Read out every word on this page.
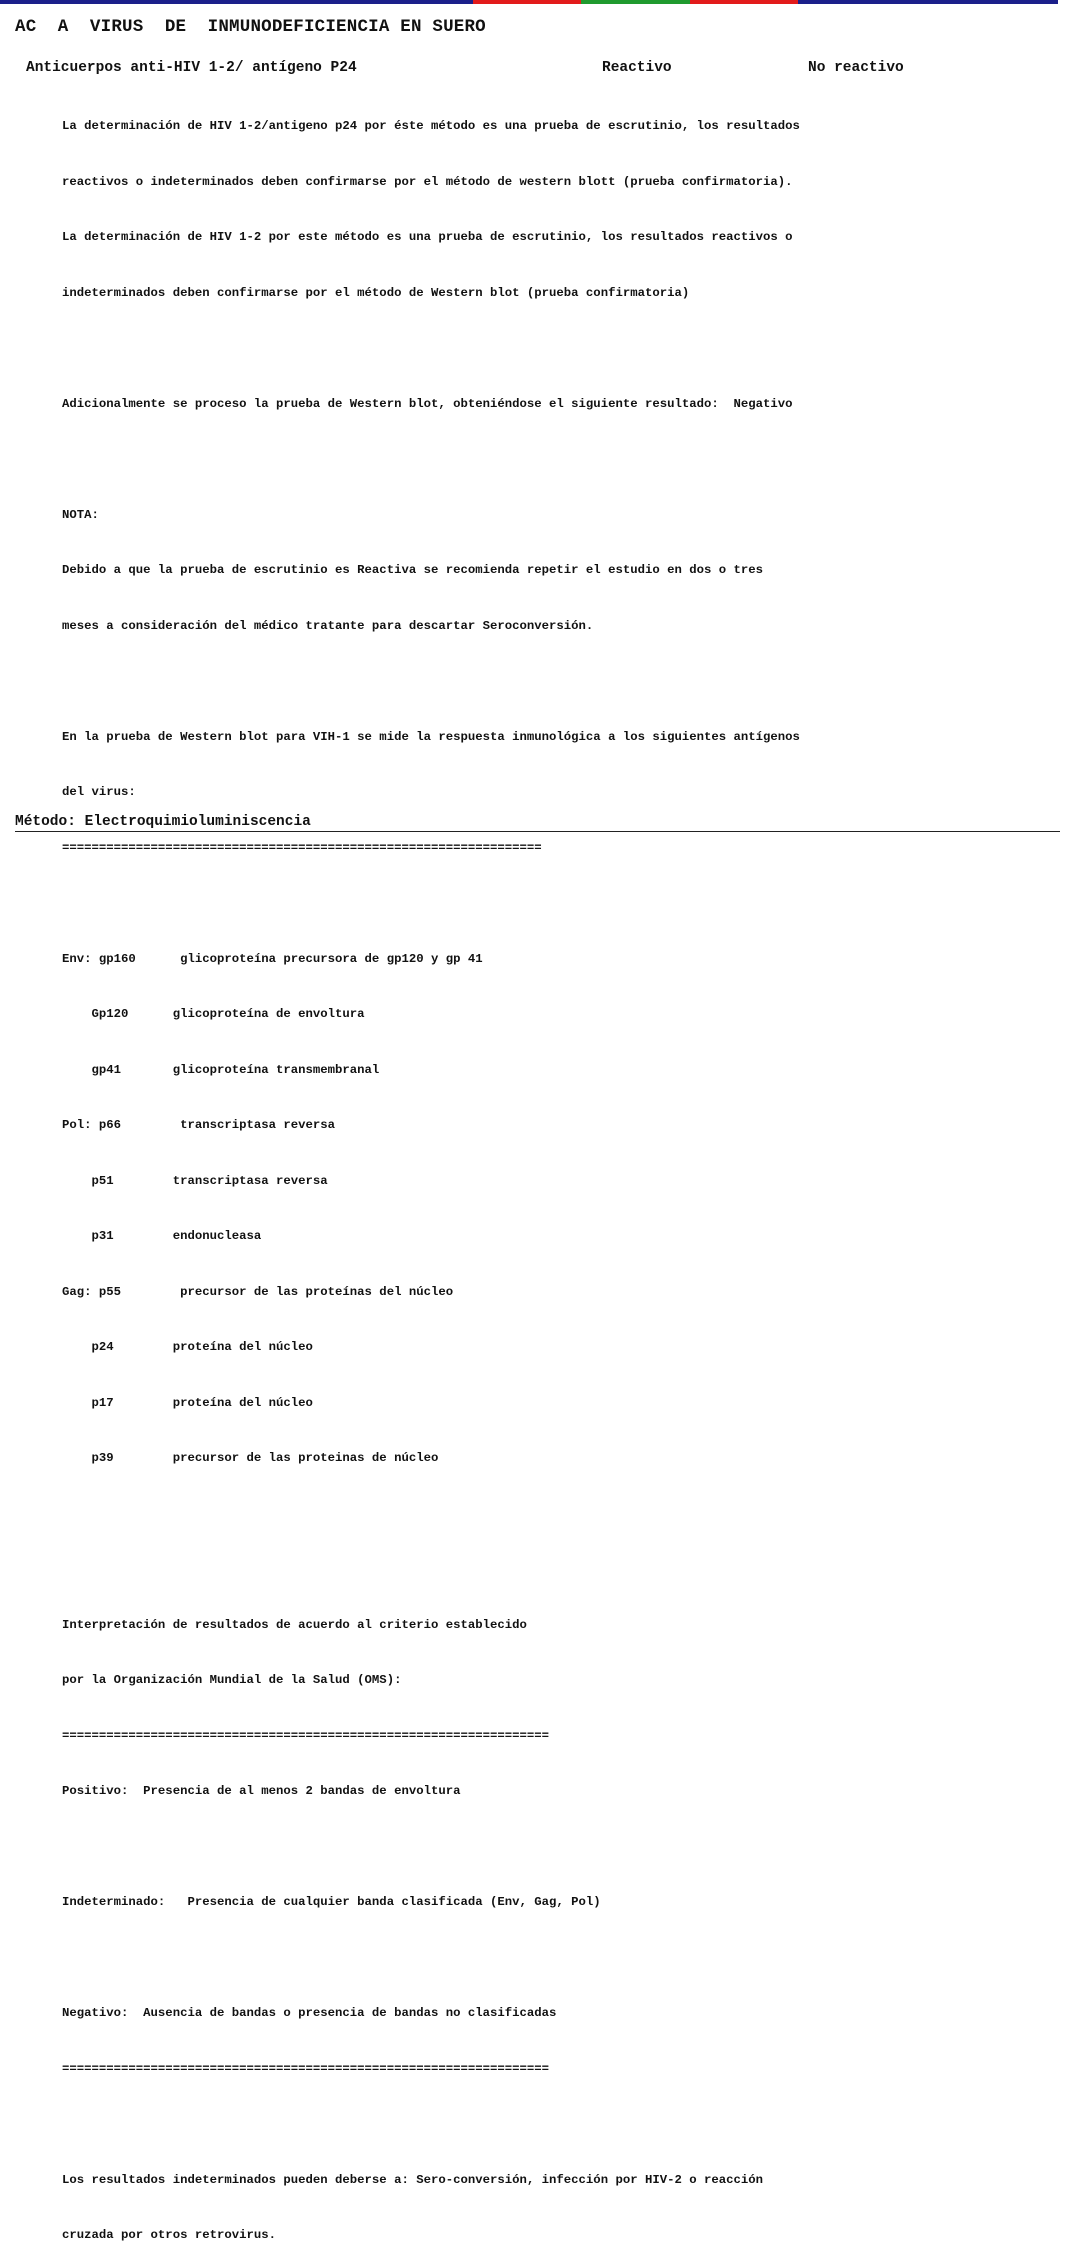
AC  A  VIRUS  DE  INMUNODEFICIENCIA EN SUERO
Anticuerpos anti-HIV 1-2/ antígeno P24	Reactivo	No reactivo

La determinación de HIV 1-2/antigeno p24 por éste método es una prueba de escrutinio, los resultados

reactivos o indeterminados deben confirmarse por el método de western blott (prueba confirmatoria).

La determinación de HIV 1-2 por este método es una prueba de escrutinio, los resultados reactivos o

indeterminados deben confirmarse por el método de Western blot (prueba confirmatoria)

Adicionalmente se proceso la prueba de Western blot, obteniéndose el siguiente resultado:  Negativo

NOTA:

Debido a que la prueba de escrutinio es Reactiva se recomienda repetir el estudio en dos o tres

meses a consideración del médico tratante para descartar Seroconversión.

En la prueba de Western blot para VIH-1 se mide la respuesta inmunológica a los siguientes antígenos

del virus:

=================================================================

Env: gp160      glicoproteína precursora de gp120 y gp 41

Gp120      glicoproteína de envoltura

gp41       glicoproteína transmembranal

Pol: p66        transcriptasa reversa

p51        transcriptasa reversa

p31        endonucleasa

Gag: p55        precursor de las proteínas del núcleo

p24        proteína del núcleo

p17        proteína del núcleo

p39        precursor de las proteinas de núcleo

Interpretación de resultados de acuerdo al criterio establecido

por la Organización Mundial de la Salud (OMS):

==================================================================

Positivo:  Presencia de al menos 2 bandas de envoltura

Indeterminado:   Presencia de cualquier banda clasificada (Env, Gag, Pol)

Negativo:  Ausencia de bandas o presencia de bandas no clasificadas

==================================================================

Los resultados indeterminados pueden deberse a: Sero-conversión, infección por HIV-2 o reacción

cruzada por otros retrovirus.

Método: Electroquimioluminiscencia
